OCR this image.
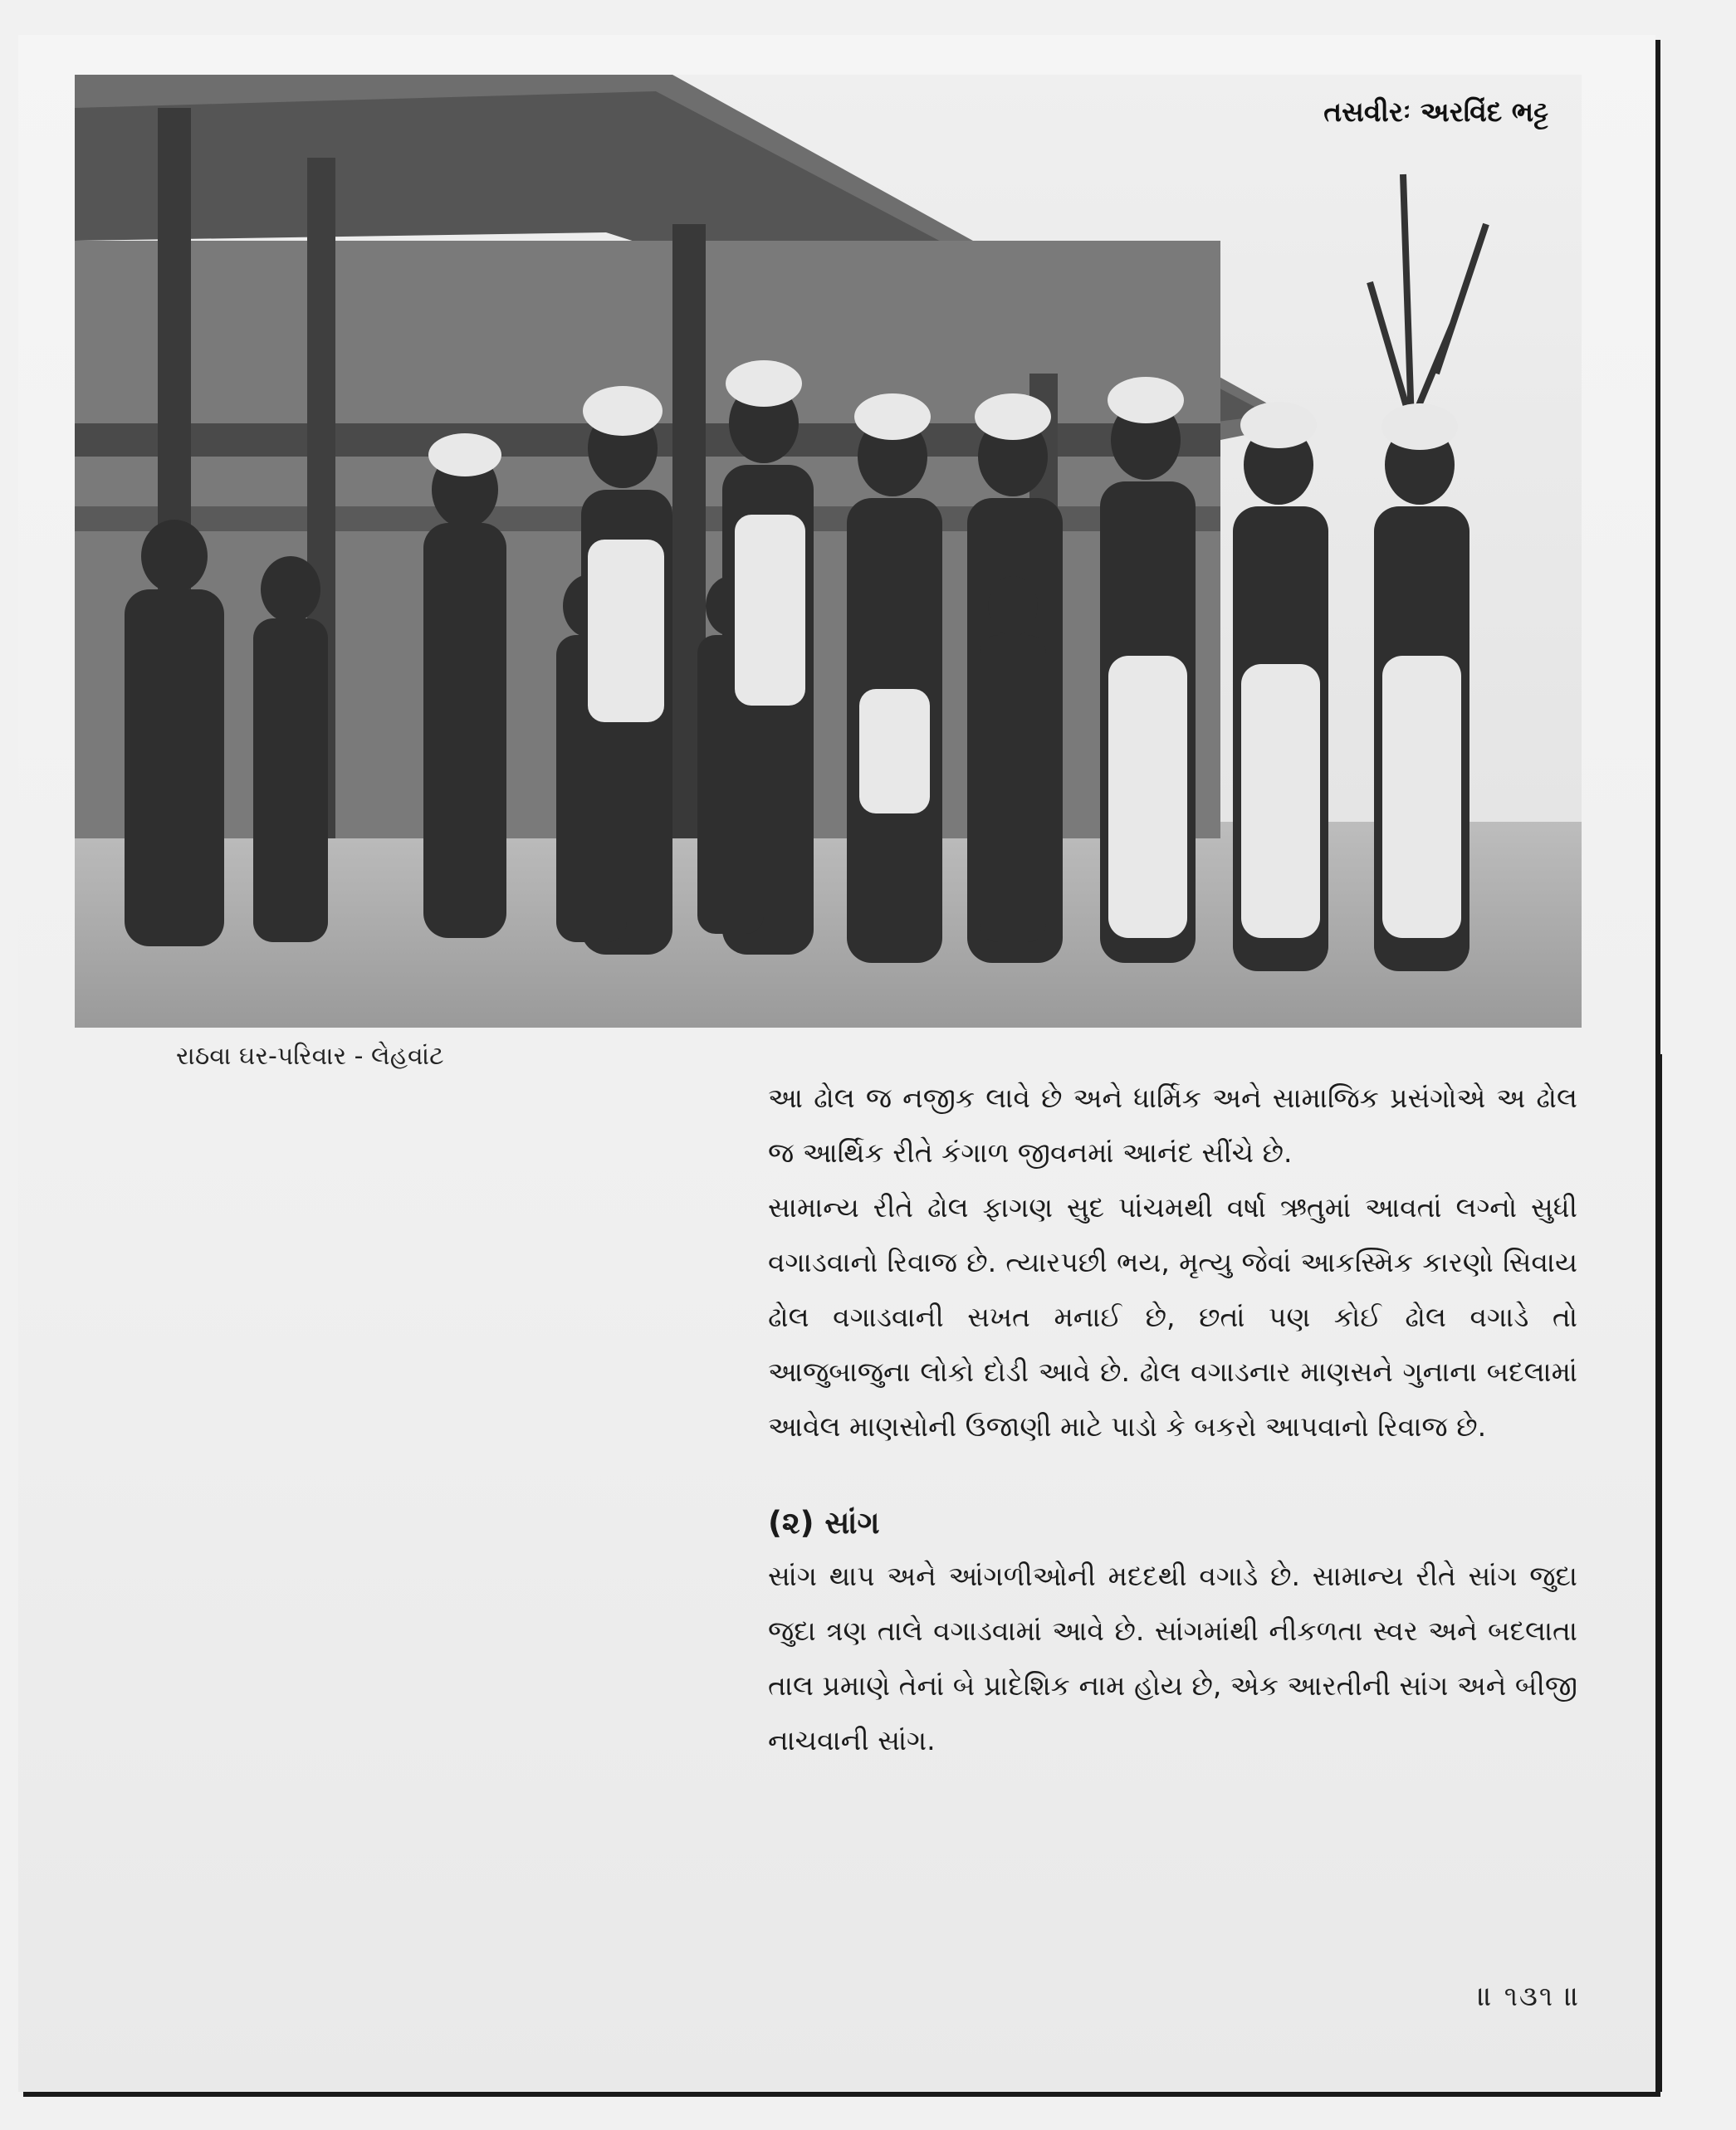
તસવીરઃ અરવિંદ ભટ્ટ
રાઠવા ઘર-પરિવાર - લેહવાંટ

આ ઢોલ જ નજીક લાવે છે અને ધાર્મિક અને સામાજિક પ્રસંગોએ અ ઢોલ જ આર્થિક રીતે કંગાળ જીવનમાં આનંદ સીંચે છે.

સામાન્ય રીતે ઢોલ ફાગણ સુદ પાંચમથી વર્ષા ઋતુમાં આવતાં લગ્નો સુધી વગાડવાનો રિવાજ છે. ત્યારપછી ભય, મૃત્યુ જેવાં આકસ્મિક કારણો સિવાય ઢોલ વગાડવાની સખત મનાઈ છે, છતાં પણ કોઈ ઢોલ વગાડે તો આજુબાજુના લોકો દોડી આવે છે. ઢોલ વગાડનાર માણસને ગુનાના બદલામાં આવેલ માણસોની ઉજાણી માટે પાડો કે બકરો આપવાનો રિવાજ છે.

(૨) સાંગ

સાંગ થાપ અને આંગળીઓની મદદથી વગાડે છે. સામાન્ય રીતે સાંગ જુદા જુદા ત્રણ તાલે વગાડવામાં આવે છે. સાંગમાંથી નીકળતા સ્વર અને બદલાતા તાલ પ્રમાણે તેનાં બે પ્રાદેશિક નામ હોય છે, એક આરતીની સાંગ અને બીજી નાચવાની સાંગ.

॥ ૧૩૧ ॥
